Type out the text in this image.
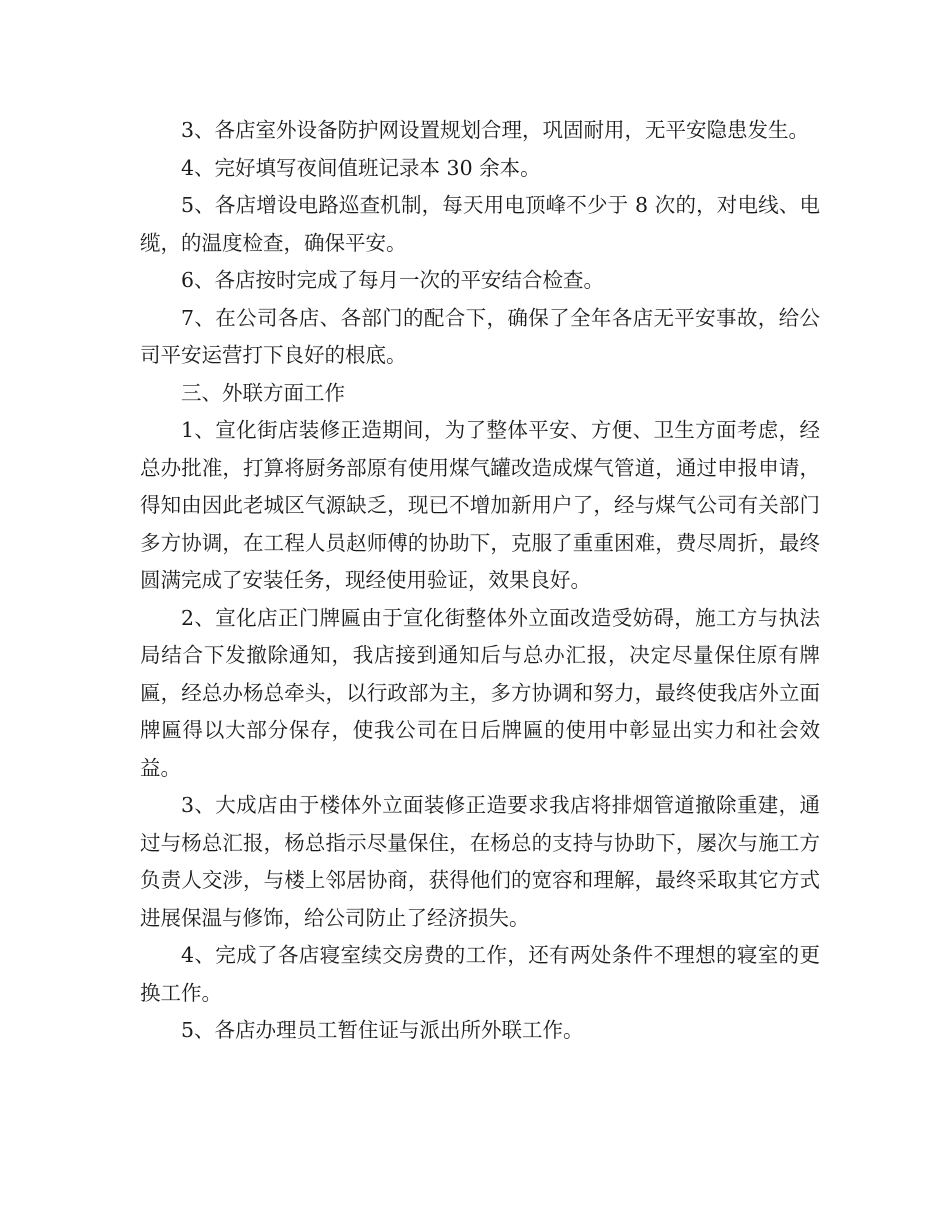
3、各店室外设备防护网设置规划合理，巩固耐用，无平安隐患发生。

4、完好填写夜间值班记录本 30 余本。

5、各店增设电路巡查机制，每天用电顶峰不少于 8 次的，对电线、电缆，的温度检查，确保平安。

6、各店按时完成了每月一次的平安结合检查。

7、在公司各店、各部门的配合下，确保了全年各店无平安事故，给公司平安运营打下良好的根底。

三、外联方面工作

1、宣化街店装修正造期间，为了整体平安、方便、卫生方面考虑，经总办批准，打算将厨务部原有使用煤气罐改造成煤气管道，通过申报申请，得知由因此老城区气源缺乏，现已不增加新用户了，经与煤气公司有关部门多方协调，在工程人员赵师傅的协助下，克服了重重困难，费尽周折，最终圆满完成了安装任务，现经使用验证，效果良好。

2、宣化店正门牌匾由于宣化街整体外立面改造受妨碍，施工方与执法局结合下发撤除通知，我店接到通知后与总办汇报，决定尽量保住原有牌匾，经总办杨总牵头，以行政部为主，多方协调和努力，最终使我店外立面牌匾得以大部分保存，使我公司在日后牌匾的使用中彰显出实力和社会效益。

3、大成店由于楼体外立面装修正造要求我店将排烟管道撤除重建，通过与杨总汇报，杨总指示尽量保住，在杨总的支持与协助下，屡次与施工方负责人交涉，与楼上邻居协商，获得他们的宽容和理解，最终采取其它方式进展保温与修饰，给公司防止了经济损失。

4、完成了各店寝室续交房费的工作，还有两处条件不理想的寝室的更换工作。

5、各店办理员工暂住证与派出所外联工作。
